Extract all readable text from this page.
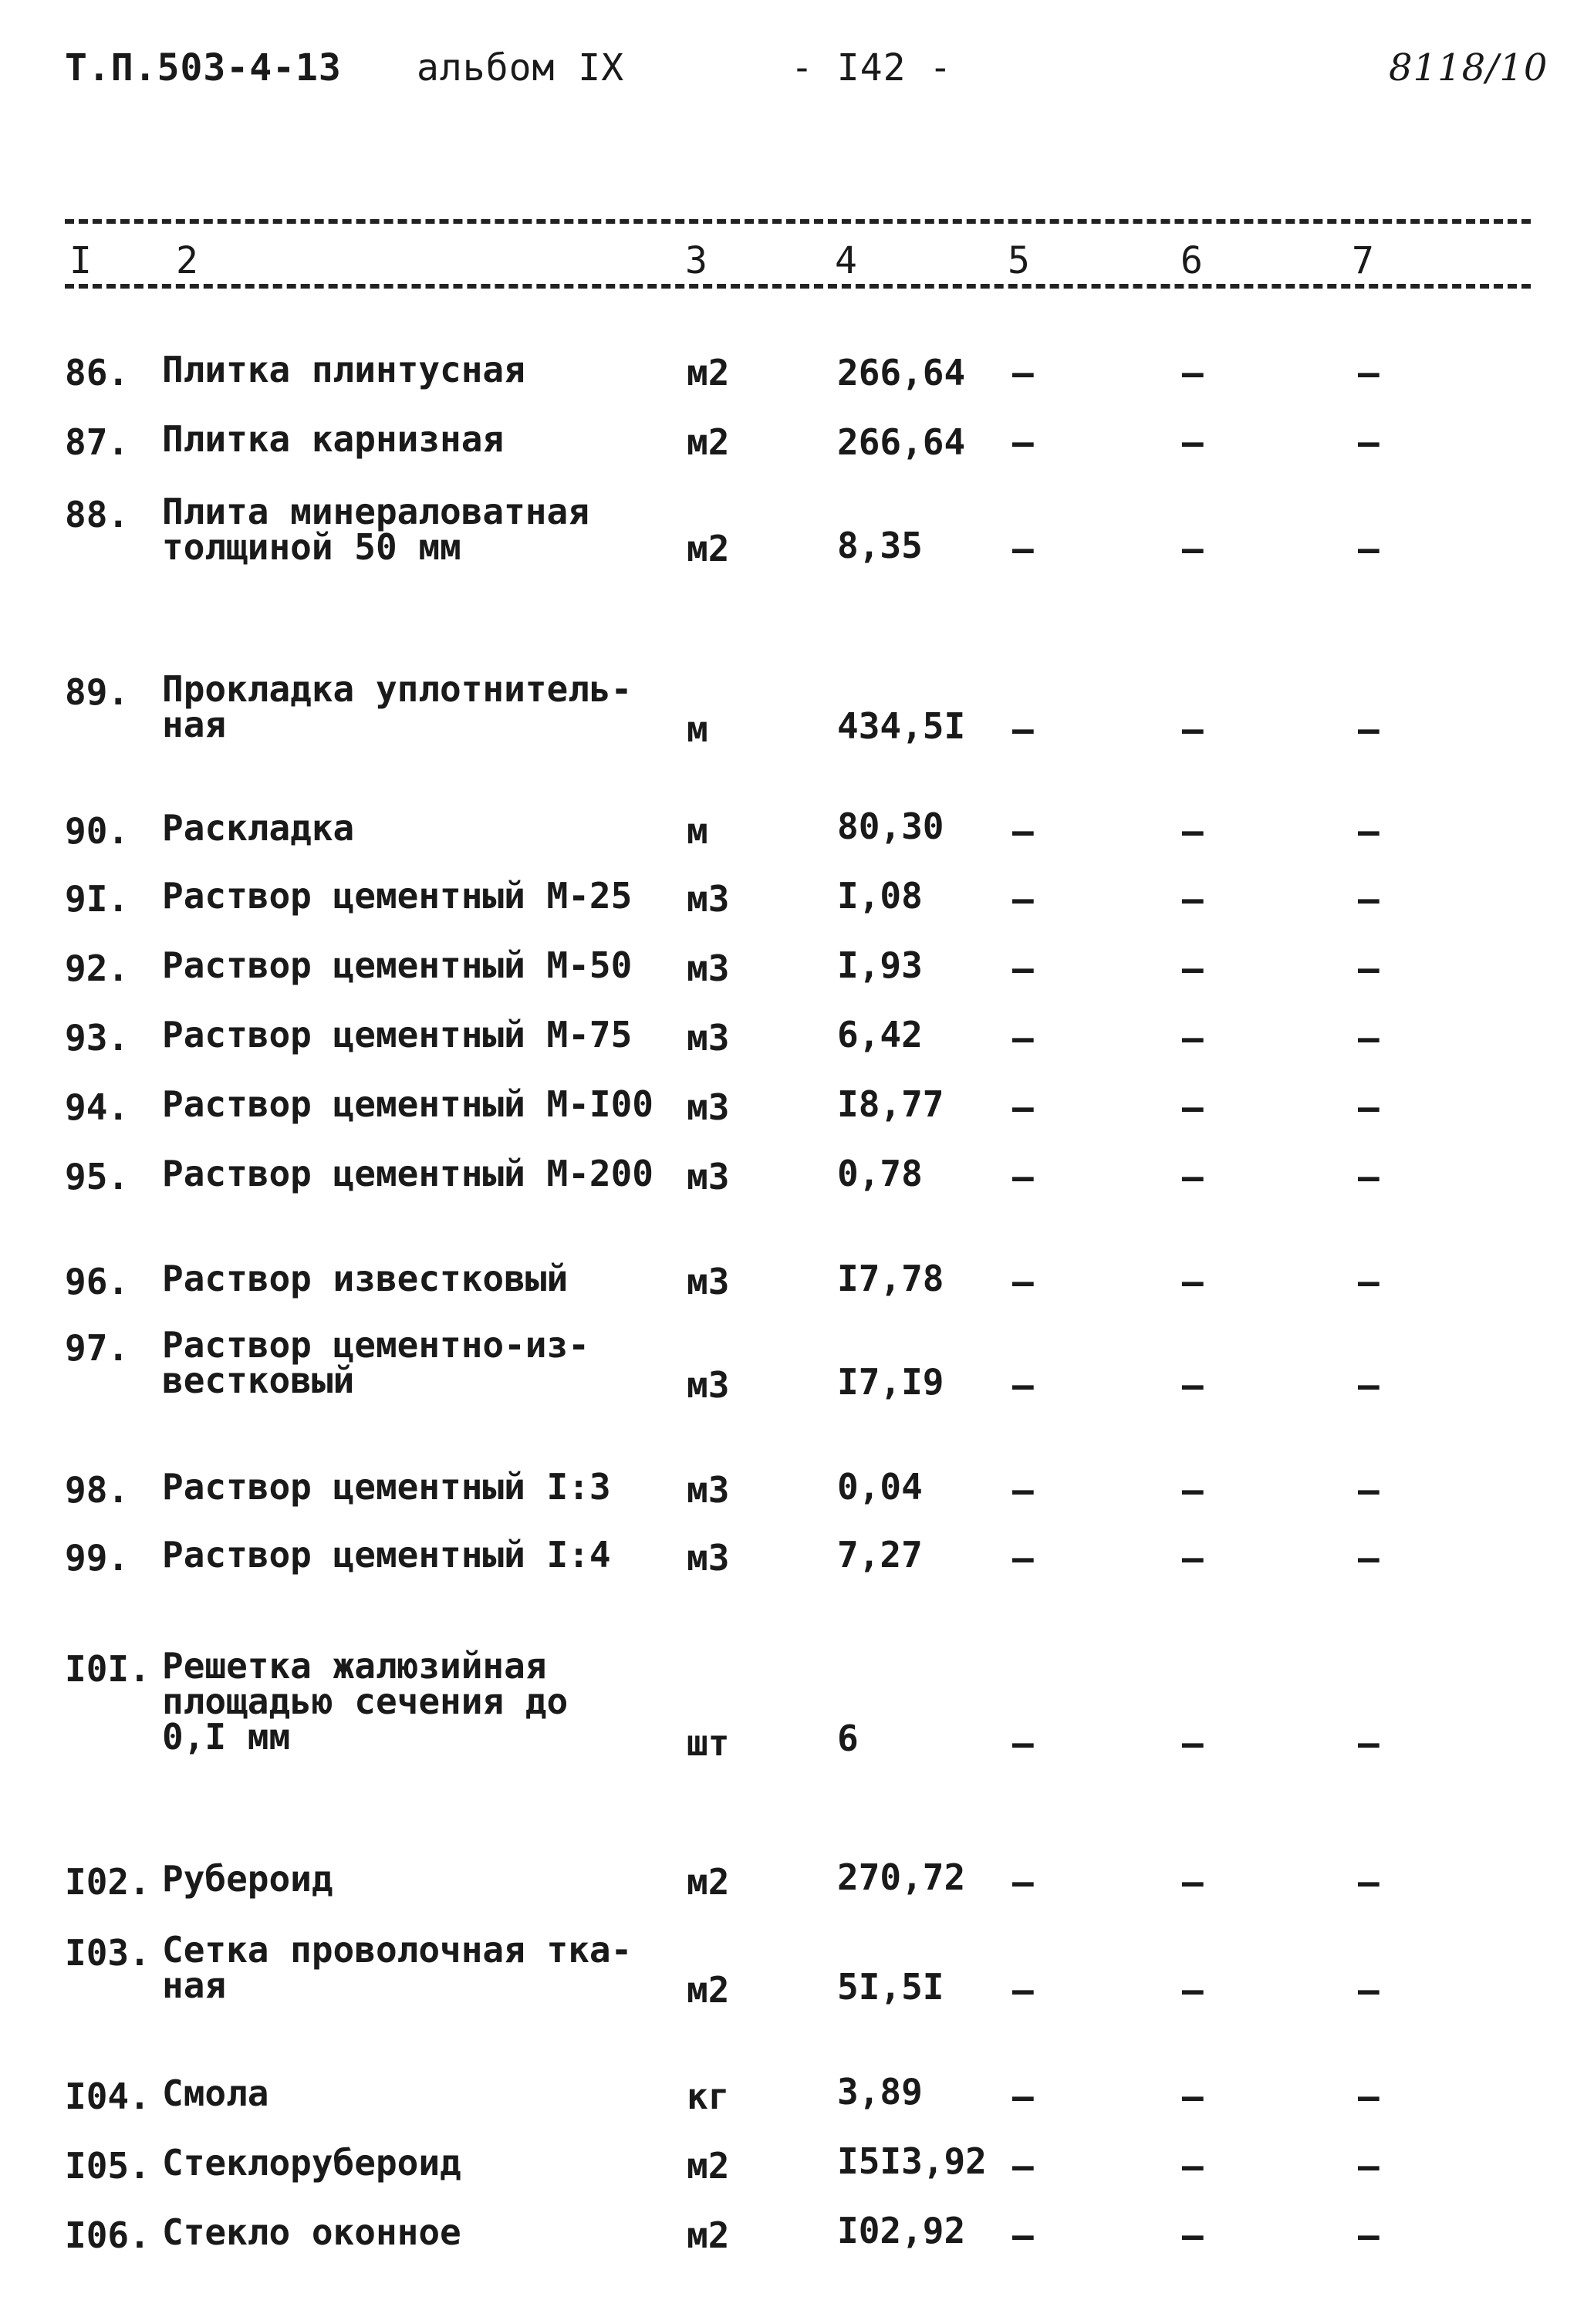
Т.П.503-4-13 альбом IX	- I42 -	8118/10
I 2	3	4	5	6	7
86. Плитка плинтусная	м2	266,64 –	–	–
87. Плитка карнизная	м2	266,64 –	–	–
88. Плита минераловатная
толщиной 50 мм	м2	8,35	–	–	–
89. Прокладка уплотнитель-
ная	м	434,5I –	–	–
90. Раскладка	м	80,30 –	–	–
9I. Раствор цементный М-25	м3	I,08	–	–	–
92. Раствор цементный М-50	м3	I,93	–	–	–
93. Раствор цементный М-75	м3	6,42	–	–	–
94. Раствор цементный М-I00 м3	I8,77 –	–	–
95. Раствор цементный М-200 м3	0,78	–	–	–
96. Раствор известковый	м3	I7,78 –	–	–
97. Раствор цементно-из-
вестковый	м3	I7,I9 –	–	–
98. Раствор цементный I:3	м3	0,04	–	–	–
99. Раствор цементный I:4	м3	7,27	–	–	–
I0I. Решетка жалюзийная
площадью сечения до
0,I мм	шт	6	–	–	–
I02. Рубероид	м2	270,72 –	–	–
I03. Сетка проволочная тка-
ная	м2	5I,5I –	–	–
I04. Смола	кг	3,89	–	–	–
I05. Стеклорубероид	м2	I5I3,92 –	–	–
I06. Стекло оконное	м2	I02,92 –	–	–
